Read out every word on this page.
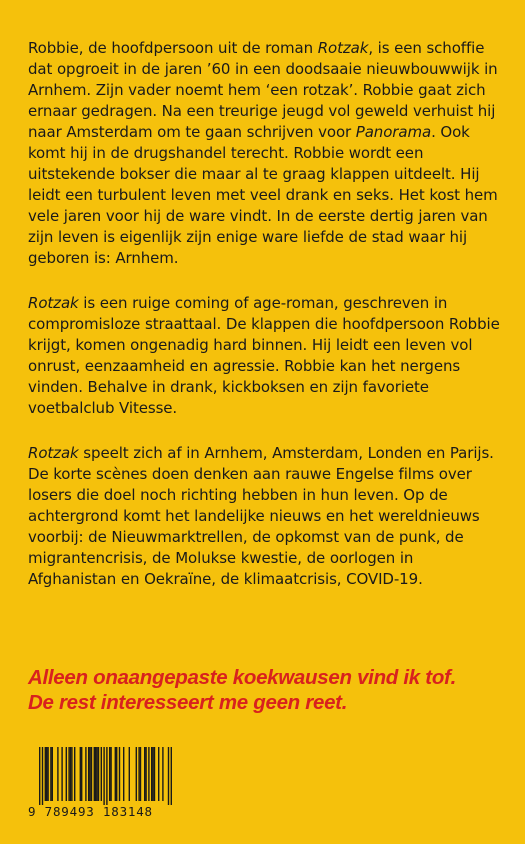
Robbie, de hoofdpersoon uit de roman Rotzak, is een schoffie dat opgroeit in de jaren ’60 in een doodsaaie nieuwbouwwijk in Arnhem. Zijn vader noemt hem ‘een rotzak’. Robbie gaat zich ernaar gedragen. Na een treurige jeugd vol geweld verhuist hij naar Amsterdam om te gaan schrijven voor Panorama. Ook komt hij in de drugshandel terecht. Robbie wordt een uitstekende bokser die maar al te graag klappen uitdeelt. Hij leidt een turbulent leven met veel drank en seks. Het kost hem vele jaren voor hij de ware vindt. In de eerste dertig jaren van zijn leven is eigenlijk zijn enige ware liefde de stad waar hij geboren is: Arnhem.

Rotzak is een ruige coming of age-roman, geschreven in compromisloze straattaal. De klappen die hoofdpersoon Robbie krijgt, komen ongenadig hard binnen. Hij leidt een leven vol onrust, eenzaamheid en agressie. Robbie kan het nergens vinden. Behalve in drank, kickboksen en zijn favoriete voetbalclub Vitesse.

Rotzak speelt zich af in Arnhem, Amsterdam, Londen en Parijs. De korte scènes doen denken aan rauwe Engelse films over losers die doel noch richting hebben in hun leven. Op de achtergrond komt het landelijke nieuws en het wereldnieuws voorbij: de Nieuwmarktrellen, de opkomst van de punk, de migrantencrisis, de Molukse kwestie, de oorlogen in Afghanistan en Oekraïne, de klimaatcrisis, COVID-19.

Alleen onaangepaste koekwausen vind ik tof.
De rest interesseert me geen reet.
9 789493 183148
